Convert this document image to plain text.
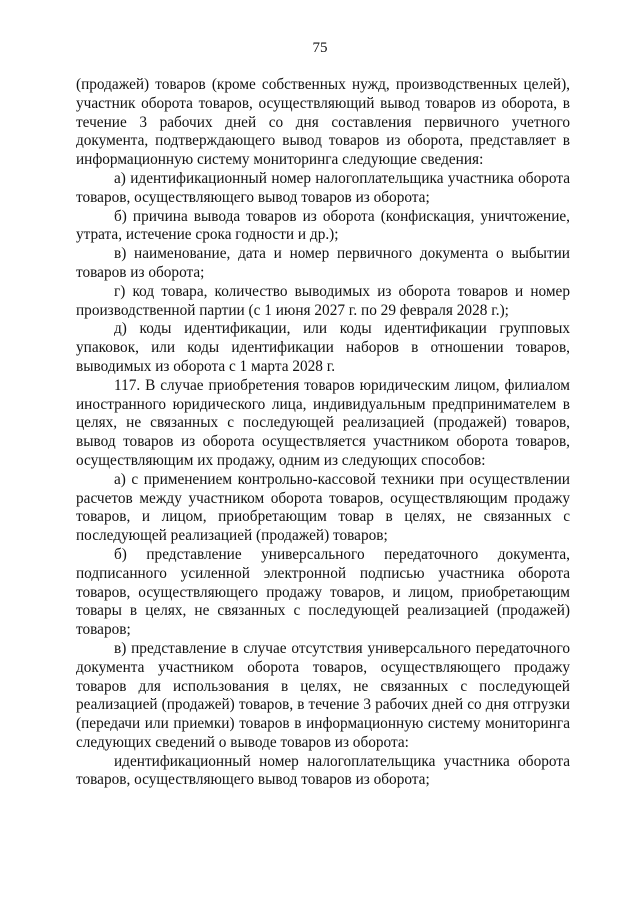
75

(продажей) товаров (кроме собственных нужд, производственных целей), участник оборота товаров, осуществляющий вывод товаров из оборота, в течение 3 рабочих дней со дня составления первичного учетного документа, подтверждающего вывод товаров из оборота, представляет в информационную систему мониторинга следующие сведения:

а) идентификационный номер налогоплательщика участника оборота товаров, осуществляющего вывод товаров из оборота;

б) причина вывода товаров из оборота (конфискация, уничтожение, утрата, истечение срока годности и др.);

в) наименование, дата и номер первичного документа о выбытии товаров из оборота;

г) код товара, количество выводимых из оборота товаров и номер производственной партии (с 1 июня 2027 г. по 29 февраля 2028 г.);

д) коды идентификации, или коды идентификации групповых упаковок, или коды идентификации наборов в отношении товаров, выводимых из оборота с 1 марта 2028 г.

117. В случае приобретения товаров юридическим лицом, филиалом иностранного юридического лица, индивидуальным предпринимателем в целях, не связанных с последующей реализацией (продажей) товаров, вывод товаров из оборота осуществляется участником оборота товаров, осуществляющим их продажу, одним из следующих способов:

а) с применением контрольно-кассовой техники при осуществлении расчетов между участником оборота товаров, осуществляющим продажу товаров, и лицом, приобретающим товар в целях, не связанных с последующей реализацией (продажей) товаров;

б) представление универсального передаточного документа, подписанного усиленной электронной подписью участника оборота товаров, осуществляющего продажу товаров, и лицом, приобретающим товары в целях, не связанных с последующей реализацией (продажей) товаров;

в) представление в случае отсутствия универсального передаточного документа участником оборота товаров, осуществляющего продажу товаров для использования в целях, не связанных с последующей реализацией (продажей) товаров, в течение 3 рабочих дней со дня отгрузки (передачи или приемки) товаров в информационную систему мониторинга следующих сведений о выводе товаров из оборота:

идентификационный номер налогоплательщика участника оборота товаров, осуществляющего вывод товаров из оборота;
